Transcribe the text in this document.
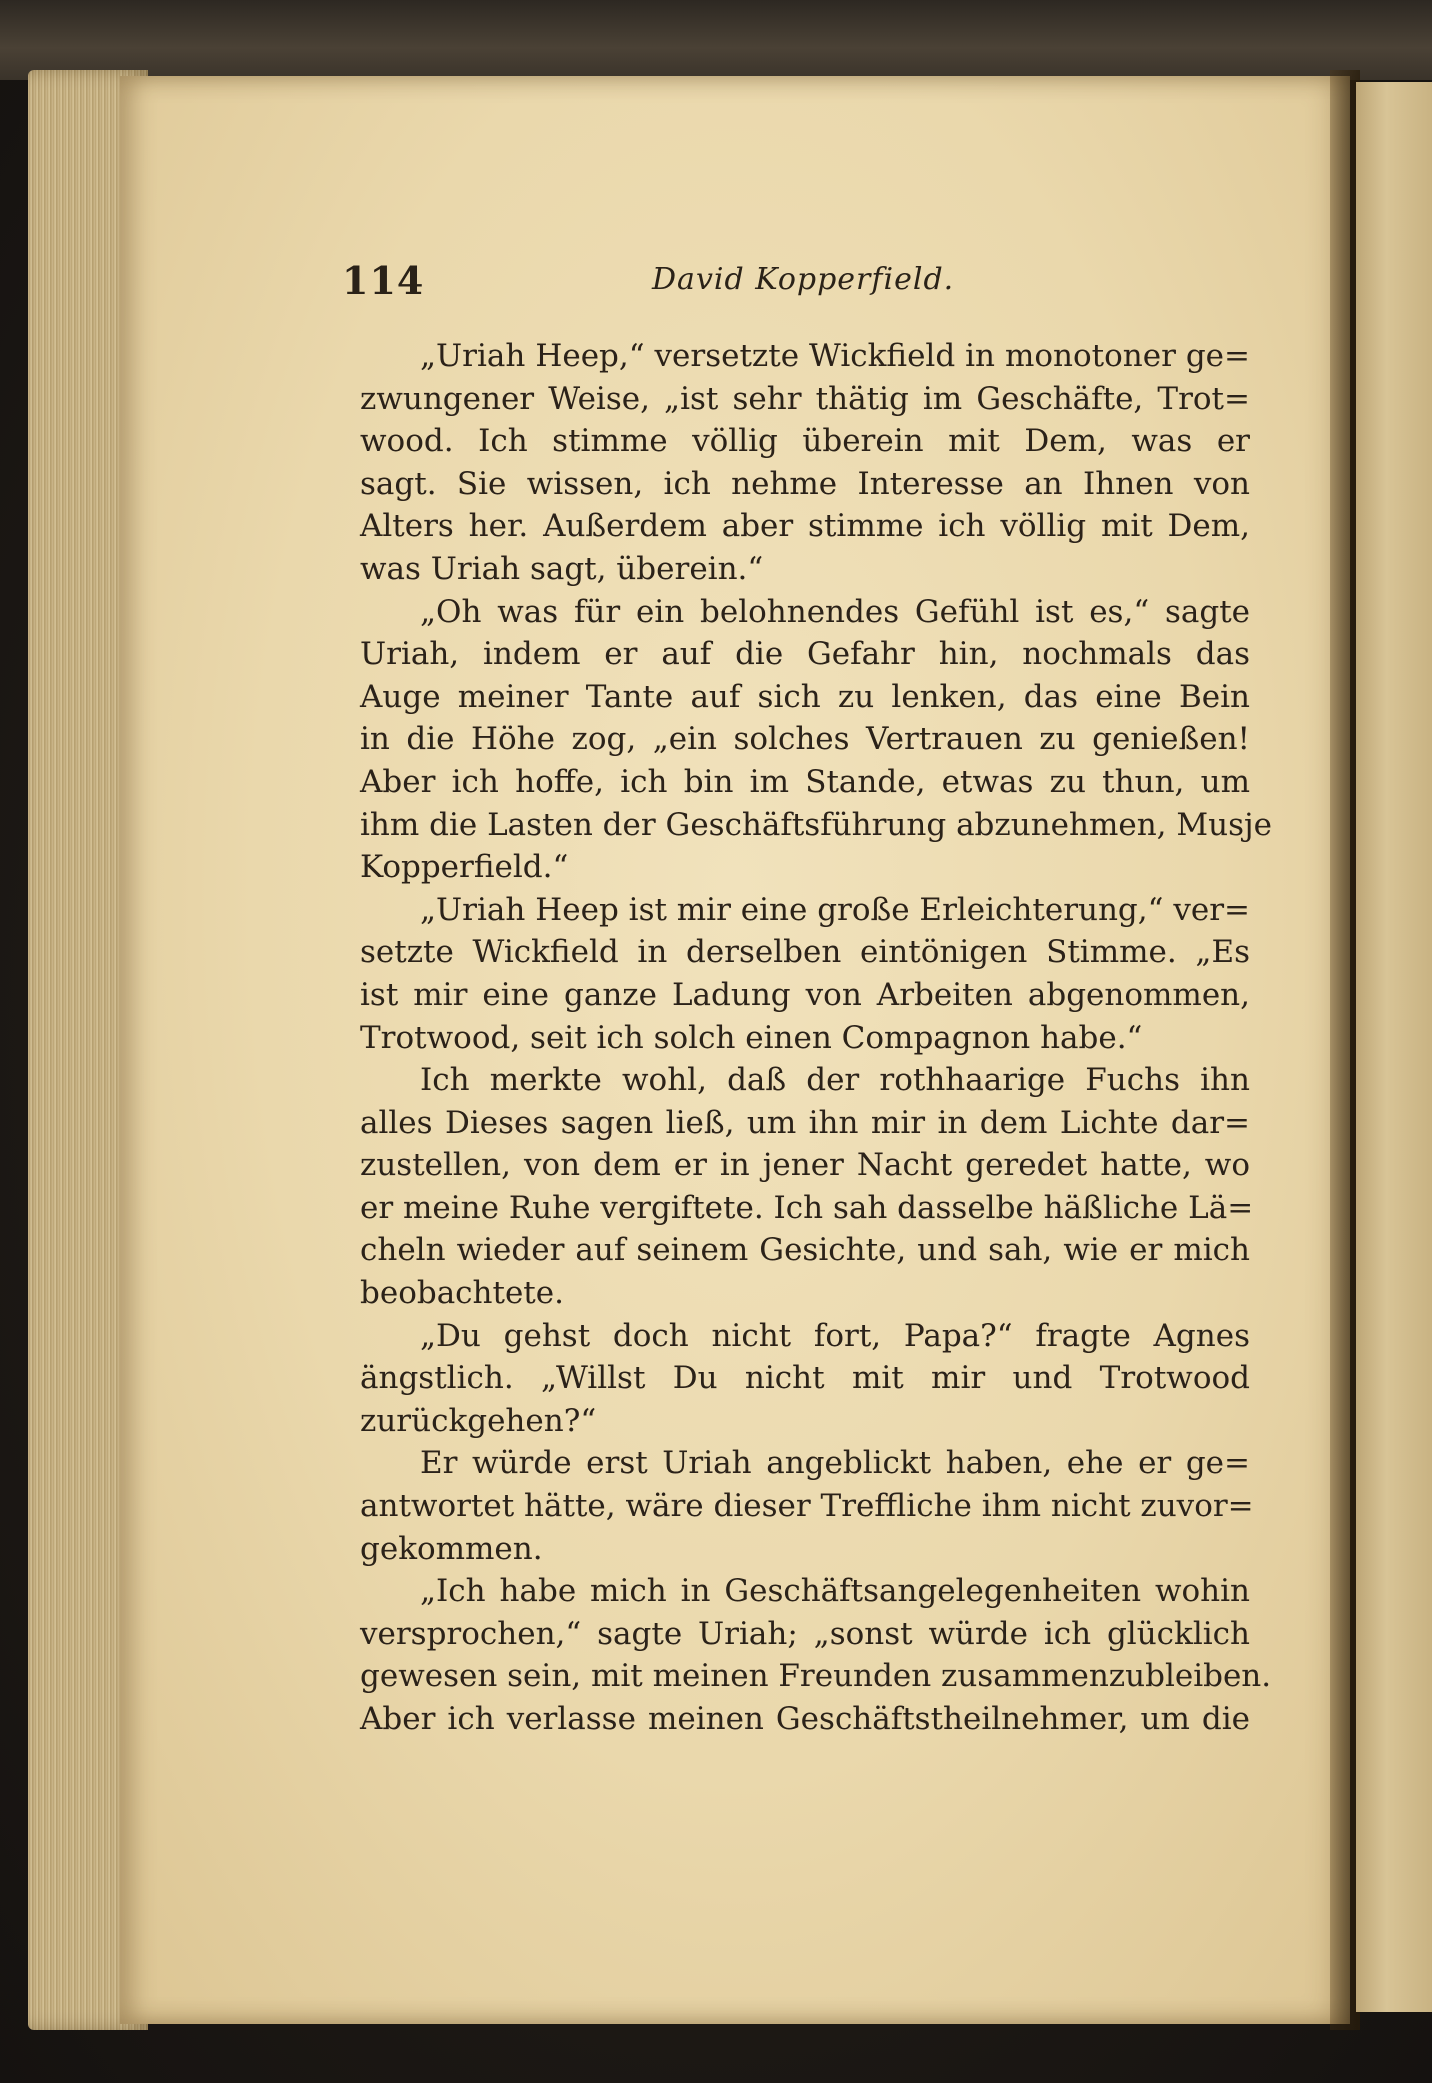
114	David Kopperfield.
„Uriah Heep,“ versetzte Wickfield in monotoner ge=
zwungener Weise, „ist sehr thätig im Geschäfte, Trot=
wood. Ich stimme völlig überein mit Dem, was er
sagt. Sie wissen, ich nehme Interesse an Ihnen von
Alters her. Außerdem aber stimme ich völlig mit Dem,
was Uriah sagt, überein.“
„Oh was für ein belohnendes Gefühl ist es,“ sagte
Uriah, indem er auf die Gefahr hin, nochmals das
Auge meiner Tante auf sich zu lenken, das eine Bein
in die Höhe zog, „ein solches Vertrauen zu genießen!
Aber ich hoffe, ich bin im Stande, etwas zu thun, um
ihm die Lasten der Geschäftsführung abzunehmen, Musje
Kopperfield.“
„Uriah Heep ist mir eine große Erleichterung,“ ver=
setzte Wickfield in derselben eintönigen Stimme. „Es
ist mir eine ganze Ladung von Arbeiten abgenommen,
Trotwood, seit ich solch einen Compagnon habe.“
Ich merkte wohl, daß der rothhaarige Fuchs ihn
alles Dieses sagen ließ, um ihn mir in dem Lichte dar=
zustellen, von dem er in jener Nacht geredet hatte, wo
er meine Ruhe vergiftete. Ich sah dasselbe häßliche Lä=
cheln wieder auf seinem Gesichte, und sah, wie er mich
beobachtete.
„Du gehst doch nicht fort, Papa?“ fragte Agnes
ängstlich. „Willst Du nicht mit mir und Trotwood
zurückgehen?“
Er würde erst Uriah angeblickt haben, ehe er ge=
antwortet hätte, wäre dieser Treffliche ihm nicht zuvor=
gekommen.
„Ich habe mich in Geschäftsangelegenheiten wohin
versprochen,“ sagte Uriah; „sonst würde ich glücklich
gewesen sein, mit meinen Freunden zusammenzubleiben.
Aber ich verlasse meinen Geschäftstheilnehmer, um die
